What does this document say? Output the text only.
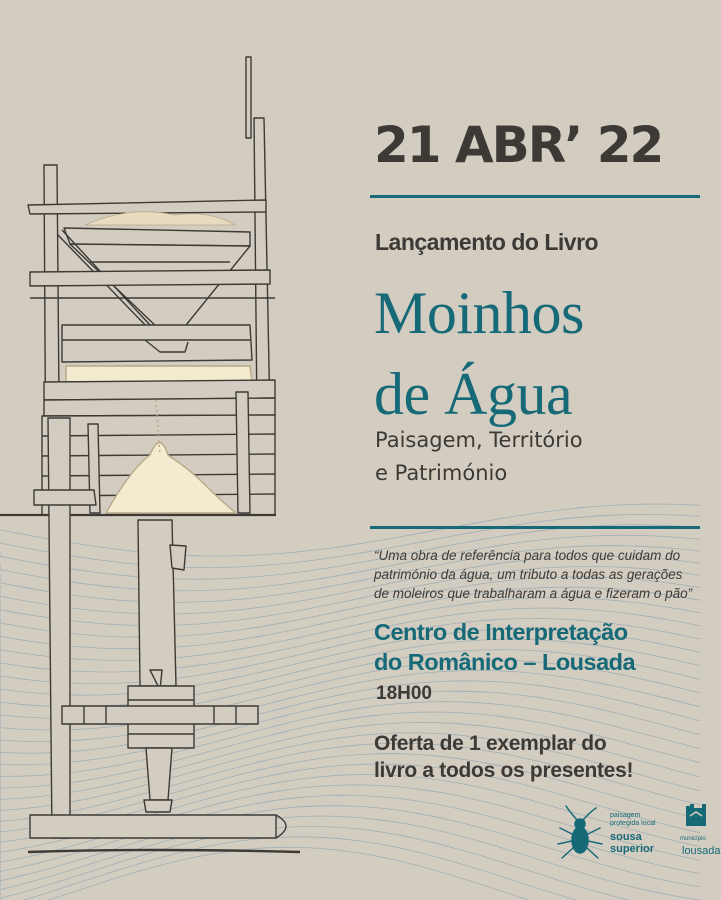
21 ABR’ 22
Lançamento do Livro
Moinhos
de Água
Paisagem, Território
e Património
“Uma obra de referência para todos que cuidam do
património da água, um tributo a todas as gerações
de moleiros que trabalharam a água e fizeram o pão”
Centro de Interpretação
do Românico – Lousada
18H00
Oferta de 1 exemplar do
livro a todos os presentes!
paisagem
protegida local
sousa
superior
município
lousada
